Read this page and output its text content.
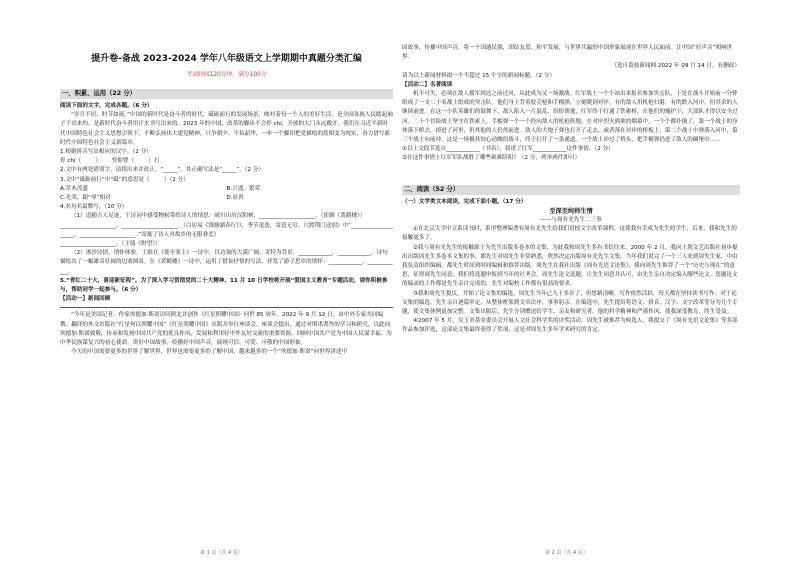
提升卷-备战 2023-2024 学年八年级语文上学期期中真题分类汇编
考试时间120分钟，满分100分
一、积累、运用（22 分）

阅读下面的文字，完成各题。（6 分）

“岁月不居，时节如流。”中国的新时代是奋斗者的时代，砥砺前行的发展场景，映衬着每一个人的美好生活，是全国各族人民踏起袖子干出来的，是新时代奋斗者用汗水书写出来的。2023 年的中国，改革的脚步不会停 chí，开放的大门永远敞开。我们在习近平新时代中国特色社会主义思想引领下，不断弘扬伟大建党精神，只争朝夕、不负韶华，一步一个脚印把党描绘的蓝图变为现实，奋力谱写新时代中国特色社会主义新篇章。

1.根据拼音写出相应的汉字。（2 分）

停 chí（        ）      竖仰譬（        ）石

2.文中有两处错别字，请找出来并改正。“_____”，其正确写法是“_____”。（2 分）

3.文中“砥砺前行”中“砥”的意思是（        ）（2 分）

A.草木茂盛	B.兴盛，繁荣

C.光荣，跟“辱”相对	D.显贵

4.名句名篇默写。（10 分）

（1）追随古人足迹，于诗词中感受物候带给诗人的情思：晴川历历汉阳树，____________________。（崔颢《黄鹤楼》）

____________________，____________________。（白居易《钱塘湖春行》），季节更迭，寄意无穷。（《渡荆门送别》中“____________________，____________________。”寄寓了诗人对故乡的无限眷恋）

____________________。（王绩《野望》）

（2）渗沙诗情，情怀体验。王维在《使至塞上》一诗中，以边塞的大漠广阔、奇特为背景，____________，____________，诗句描绘出了一幅雄奇壮阔的边塞图景。在《黄鹤楼》一诗中，运用了借景抒情的写法，抒发了游子思乡的情怀：____________，____________。

5.“青红二十大，喜迎新征程”。为了深入学习贯彻党的二十大精神，11 月 10 日学校将开展“爱国主义教育”专题活动，请你积极参与，帮助同学一起参与。（6 分）

【活动一】新闻回顾

“今年是美国记者、作家埃德加·斯诺访问陕北并创作《红星照耀中国》问世 85 周年。2022 年 9 月 12 日，由中外专家共同编撰、翻译的外文出版社“红星何以照耀中国”《红星照耀中国》出版并举行座谈会。座谈会提出，通过对斯诺著作的学习和研究，以此向埃德加·斯诺致敬，传承和发扬中国共产党的优良作风，发展和利用好中外友好交流的重要资源，回顾中国共产党为中国人民谋幸福、为中华民族谋复兴的初心使命，讲好中国故事，传播好中国声音，展现可信、可爱、可敬的中国形象。

今天的中国需要更多的世界了解世界，世界也需要更多的了解中国，越来越多的一个“埃德加·斯诺”向世界讲述中

国故事，传播中国声音，将一个国通民强，团结友爱、和平发展、与世界共赢的中国形象展现在世界人民面前。让中国“好声音”唱响世界。

（选自荔枝新闻网 2022 年 09 月 14 日，有删改）

请为以上新闻材料拟一个不超过 15 个字的新闻标题。（2 分）

【活动二】名著阅读

机不可失，必须在敌人援军到达之前过河，从此成为又一场激战。红军战士一个个站出来报名参加突击队，于是在战斗开始前一分钟组成了一支二十名战士组成的突击队。他们身上背着驳壳枪和手榴弹，立刻爬到对岸。有的敌人用机枪扫射，有的跌入河中，但其余的人继续前进。在这一小队英雄们的鼓舞下，敌人陷入一片混乱，纷纷溃逃，红军终于打通了铁索桥，在他们的掩护下，大部队才得以安全过河。二十个冒险战士坚守在铁索上，手榴弹一个一个投向敌人的机枪阵地，在对岸烈火熊熊的烟幕中，一个个都扑倒了，第一个战士的身体落下桥去，掉进了河里，但其他的人仍然前进。敌人的大炮子弹也打开了走去，或者落在对岸的桥板上，第二个战士中弹落入河中，第三个战士向前冲，这是一场极其惊心动魄的战斗，终于打开了一条通道。一个战士冲过了桥头，把手榴弹扔进了敌人的碉堡中……

①以上文段节选自____________（书名），叙述了红军____________这件事情。（2 分）

②在这件事情上红军军队战胜了哪些艰难险阻？（2 分，列举两件即可）

二、阅读（52 分）

（一）文学类文本阅读，完成下面小题。（17 分）

至深至纯师生情

——与周有光先生二三事

①在北京大学中文系读书时，系里整理编著有周有光先生给我们讲授文字改革课程，这使我有幸成为先生的学生，后来，我和先生的接触更多了。

②我与周有光先生的接触源于为先生出版多卷本的文集，为此我和周先生多有书信往来。2000 年 2 月，我向上海文艺出版社初步提出出版周先生多卷本文集的事，都先生对周先生非常熟悉，欣然决定出版周有光先生文集。当年我们说完了一个三人来到周先生家，中由我负责组织编辑，都先生时间到时间编辑和推荐出版。周先生在我社出版《周有光语文论集》，我向周先生推荐了一个“历史与现在”的意思，征得周先生同意，我们将选题申报到当年的社务会。周先生论文选题，让先生同意并认可，由先生亲自决定编入哪些论文。选题论文的编录的工作都是先生亲自完成的，先生对编校工作都有很高的要求。

③我和周先生提议，开始了论文集的编选。周先生当年已九十多岁了，但思路清晰，写作依然活跃，每天都在坚持读书写作。对于论文集的编选，先生亲自逐篇审定，从整体框架到文章次序，事事躬亲。在编选中，先生提出将语文、拼音、汉字、文字改革等分为几个专题，使文集体例更加完整。文集出版后，先生分别赠送给学生、亲友和研究者。他的科学精神和严谨作风，使我深受教育，终生受益。

④2007 年 5 月，吴玉章基金委员会开展人文社会科学奖的评奖活动，周先生被推荐为候选人，我提交了《周有光语文论集》等多部作品参加评选，这部论文集最终获得了奖项，这是对周先生多年学术研究的肯定。

第 1 页（共 4 页）	第 2 页（共 4 页）
